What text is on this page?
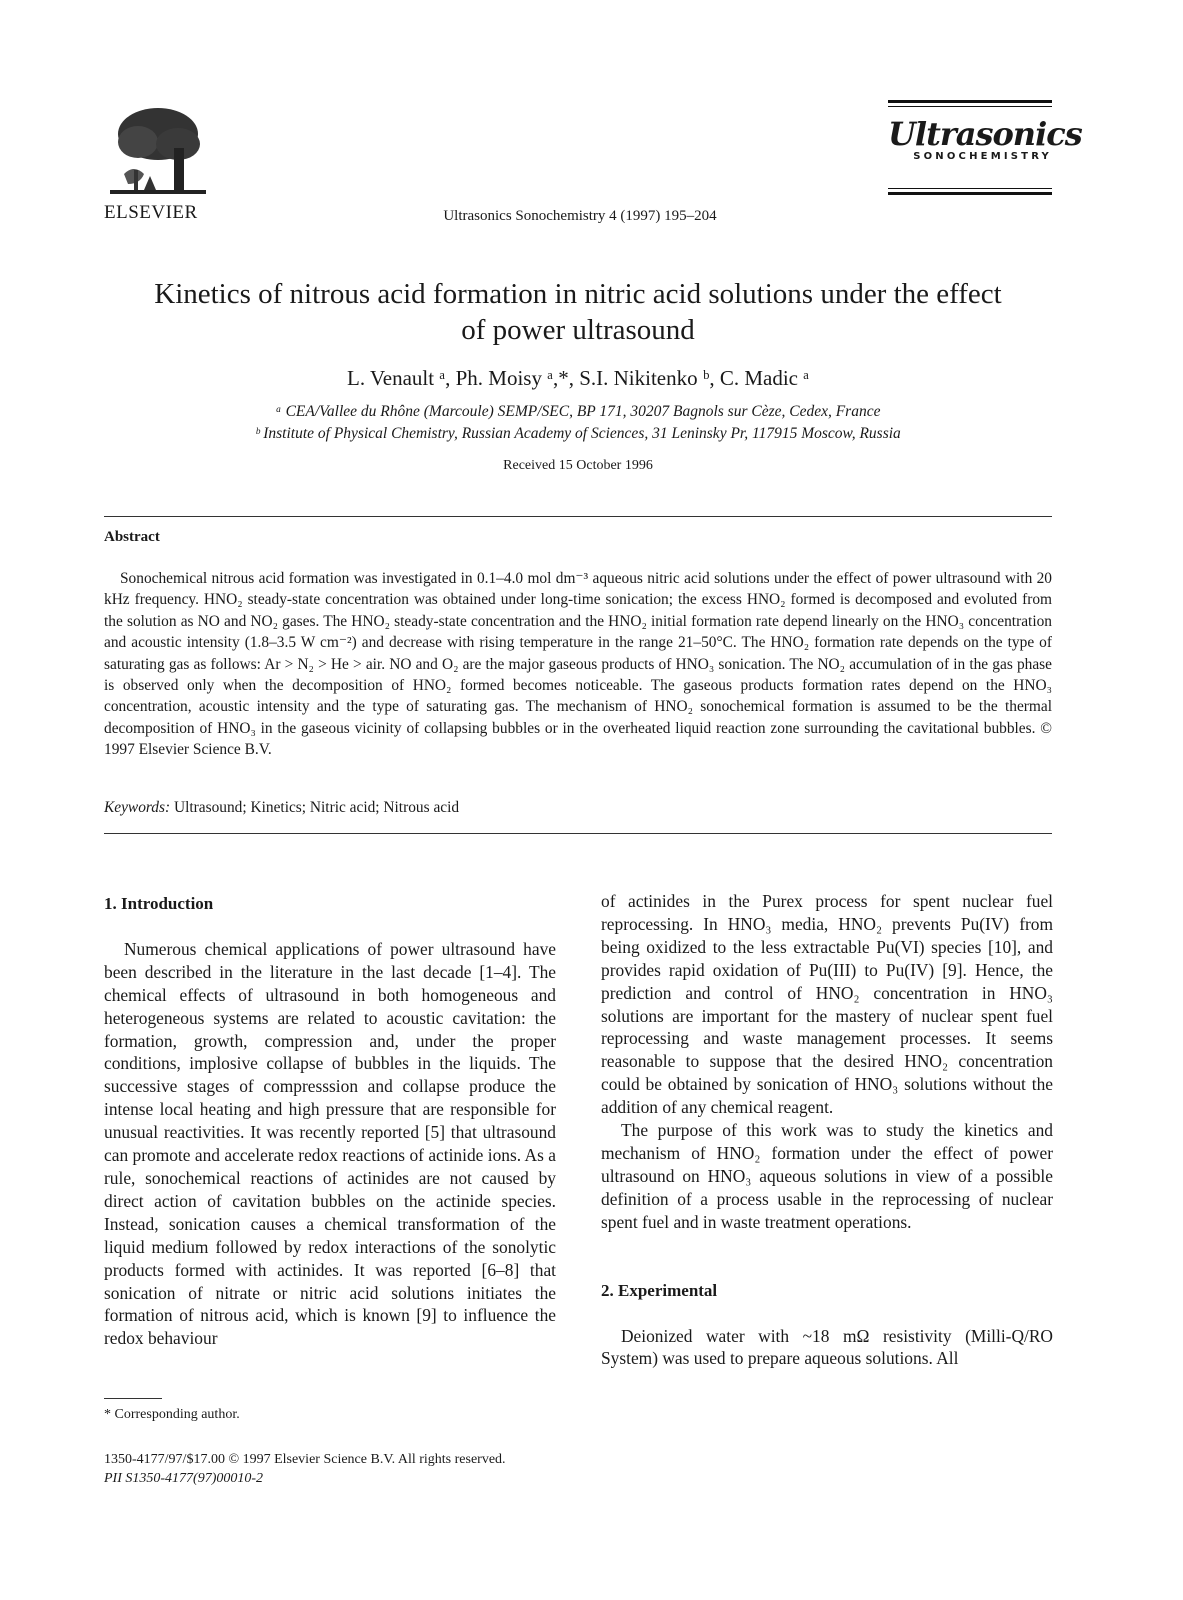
ELSEVIER	Ultrasonics Sonochemistry 4 (1997) 195–204
Ultrasonics
SONOCHEMISTRY
Kinetics of nitrous acid formation in nitric acid solutions under the effect of power ultrasound
L. Venault ᵃ, Ph. Moisy ᵃ,*, S.I. Nikitenko ᵇ, C. Madic ᵃ
ᵃ CEA/Vallee du Rhône (Marcoule) SEMP/SEC, BP 171, 30207 Bagnols sur Cèze, Cedex, France
ᵇ Institute of Physical Chemistry, Russian Academy of Sciences, 31 Leninsky Pr, 117915 Moscow, Russia
Received 15 October 1996
Abstract
Sonochemical nitrous acid formation was investigated in 0.1–4.0 mol dm⁻³ aqueous nitric acid solutions under the effect of power ultrasound with 20 kHz frequency. HNO₂ steady-state concentration was obtained under long-time sonication; the excess HNO₂ formed is decomposed and evoluted from the solution as NO and NO₂ gases. The HNO₂ steady-state concentration and the HNO₂ initial formation rate depend linearly on the HNO₃ concentration and acoustic intensity (1.8–3.5 W cm⁻²) and decrease with rising temperature in the range 21–50°C. The HNO₂ formation rate depends on the type of saturating gas as follows: Ar > N₂ > He > air. NO and O₂ are the major gaseous products of HNO₃ sonication. The NO₂ accumulation of in the gas phase is observed only when the decomposition of HNO₂ formed becomes noticeable. The gaseous products formation rates depend on the HNO₃ concentration, acoustic intensity and the type of saturating gas. The mechanism of HNO₂ sonochemical formation is assumed to be the thermal decomposition of HNO₃ in the gaseous vicinity of collapsing bubbles or in the overheated liquid reaction zone surrounding the cavitational bubbles. © 1997 Elsevier Science B.V.
Keywords: Ultrasound; Kinetics; Nitric acid; Nitrous acid
1. Introduction

Numerous chemical applications of power ultrasound have been described in the literature in the last decade [1–4]. The chemical effects of ultrasound in both homogeneous and heterogeneous systems are related to acoustic cavitation: the formation, growth, compression and, under the proper conditions, implosive collapse of bubbles in the liquids. The successive stages of compresssion and collapse produce the intense local heating and high pressure that are responsible for unusual reactivities. It was recently reported [5] that ultrasound can promote and accelerate redox reactions of actinide ions. As a rule, sonochemical reactions of actinides are not caused by direct action of cavitation bubbles on the actinide species. Instead, sonication causes a chemical transformation of the liquid medium followed by redox interactions of the sonolytic products formed with actinides. It was reported [6–8] that sonication of nitrate or nitric acid solutions initiates the formation of nitrous acid, which is known [9] to influence the redox behaviour

of actinides in the Purex process for spent nuclear fuel reprocessing. In HNO₃ media, HNO₂ prevents Pu(IV) from being oxidized to the less extractable Pu(VI) species [10], and provides rapid oxidation of Pu(III) to Pu(IV) [9]. Hence, the prediction and control of HNO₂ concentration in HNO₃ solutions are important for the mastery of nuclear spent fuel reprocessing and waste management processes. It seems reasonable to suppose that the desired HNO₂ concentration could be obtained by sonication of HNO₃ solutions without the addition of any chemical reagent.

The purpose of this work was to study the kinetics and mechanism of HNO₂ formation under the effect of power ultrasound on HNO₃ aqueous solutions in view of a possible definition of a process usable in the reprocessing of nuclear spent fuel and in waste treatment operations.

2. Experimental

Deionized water with ~18 mΩ resistivity (Milli-Q/RO System) was used to prepare aqueous solutions. All

* Corresponding author.
1350-4177/97/$17.00 © 1997 Elsevier Science B.V. All rights reserved.
PII S1350-4177(97)00010-2
